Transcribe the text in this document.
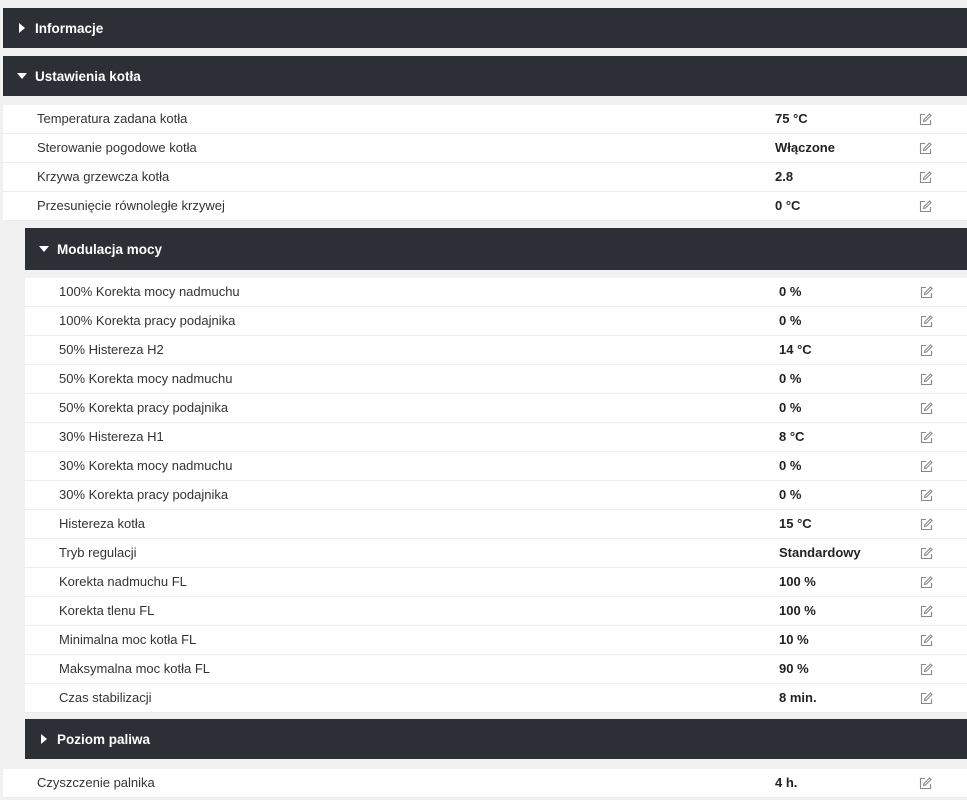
Informacje
Ustawienia kotła
Temperatura zadana kotła	75 °C
Sterowanie pogodowe kotła	Włączone
Krzywa grzewcza kotła	2.8
Przesunięcie równoległe krzywej	0 °C
Modulacja mocy
100% Korekta mocy nadmuchu	0 %
100% Korekta pracy podajnika	0 %
50% Histereza H2	14 °C
50% Korekta mocy nadmuchu	0 %
50% Korekta pracy podajnika	0 %
30% Histereza H1	8 °C
30% Korekta mocy nadmuchu	0 %
30% Korekta pracy podajnika	0 %
Histereza kotła	15 °C
Tryb regulacji	Standardowy
Korekta nadmuchu FL	100 %
Korekta tlenu FL	100 %
Minimalna moc kotła FL	10 %
Maksymalna moc kotła FL	90 %
Czas stabilizacji	8 min.
Poziom paliwa
Czyszczenie palnika	4 h.
